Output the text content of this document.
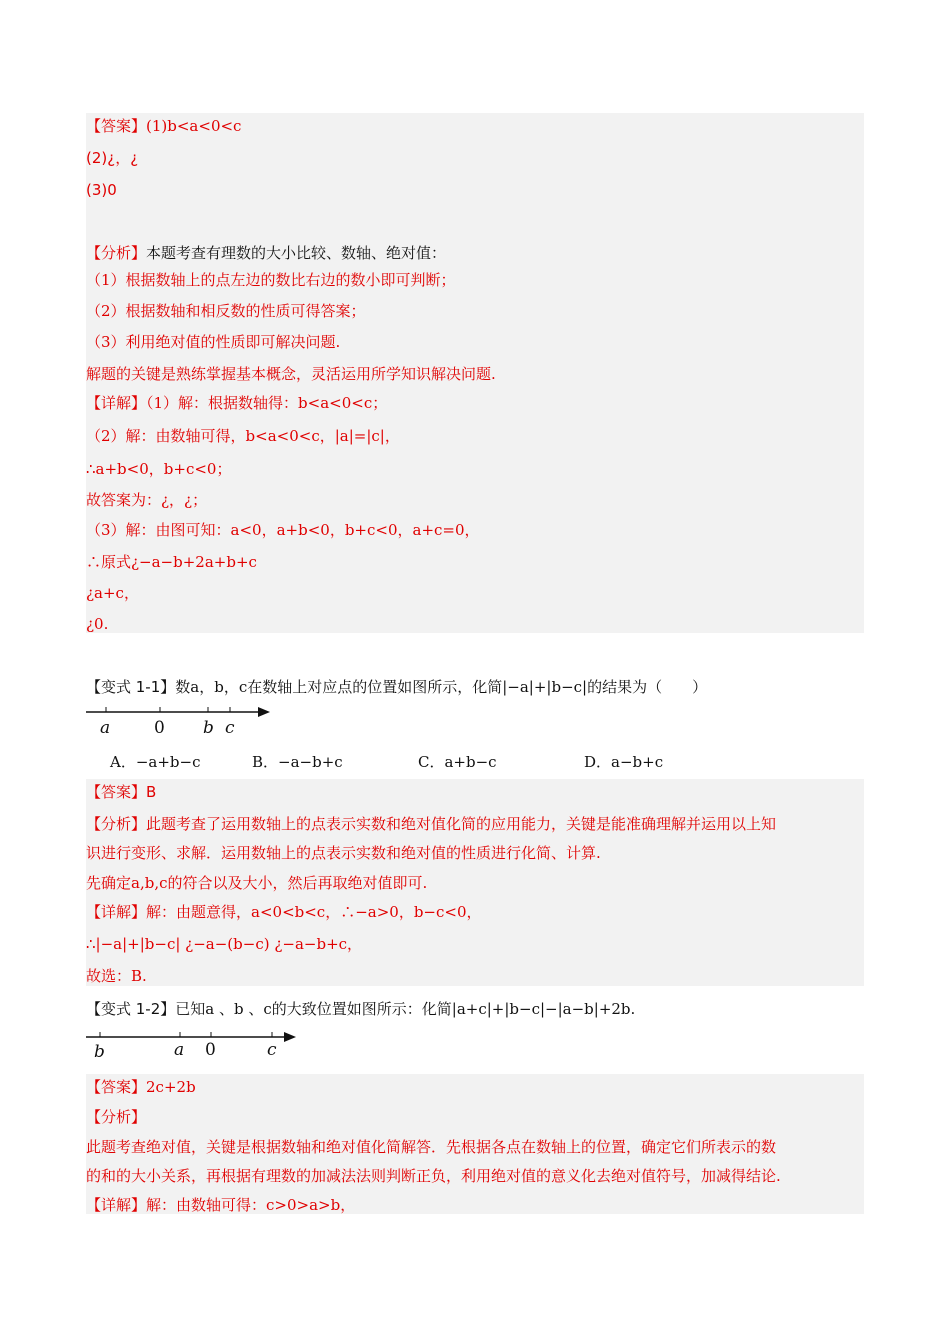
【答案】(1)b<a<0<c
(2)¿，¿
(3)0
【分析】本题考查有理数的大小比较、数轴、绝对值：
（1）根据数轴上的点左边的数比右边的数小即可判断；
（2）根据数轴和相反数的性质可得答案；
（3）利用绝对值的性质即可解决问题.
解题的关键是熟练掌握基本概念，灵活运用所学知识解决问题.
【详解】（1）解：根据数轴得：b<a<0<c；
（2）解：由数轴可得，b<a<0<c，|a|=|c|，
∴a+b<0，b+c<0；
故答案为：¿，¿；
（3）解：由图可知：a<0，a+b<0，b+c<0，a+c=0，
∴原式¿−a−b+2a+b+c
¿a+c，
¿0.
【变式 1-1】数a，b，c在数轴上对应点的位置如图所示，化简|−a|+|b−c|的结果为（　　）
a	0 b c
A．−a+b−c	B．−a−b+c	C．a+b−c	D．a−b+c
【答案】B
【分析】此题考查了运用数轴上的点表示实数和绝对值化简的应用能力，关键是能准确理解并运用以上知
识进行变形、求解．运用数轴上的点表示实数和绝对值的性质进行化简、计算.
先确定a,b,c的符合以及大小，然后再取绝对值即可.
【详解】解：由题意得，a<0<b<c，∴−a>0，b−c<0，
∴|−a|+|b−c| ¿−a−(b−c) ¿−a−b+c，
故选：B.
【变式 1-2】已知a 、b 、c的大致位置如图所示：化简|a+c|+|b−c|−|a−b|+2b.
b	a 0	c
【答案】2c+2b
【分析】
此题考查绝对值，关键是根据数轴和绝对值化简解答．先根据各点在数轴上的位置，确定它们所表示的数
的和的大小关系，再根据有理数的加减法法则判断正负，利用绝对值的意义化去绝对值符号，加减得结论.
【详解】解：由数轴可得：c>0>a>b，
